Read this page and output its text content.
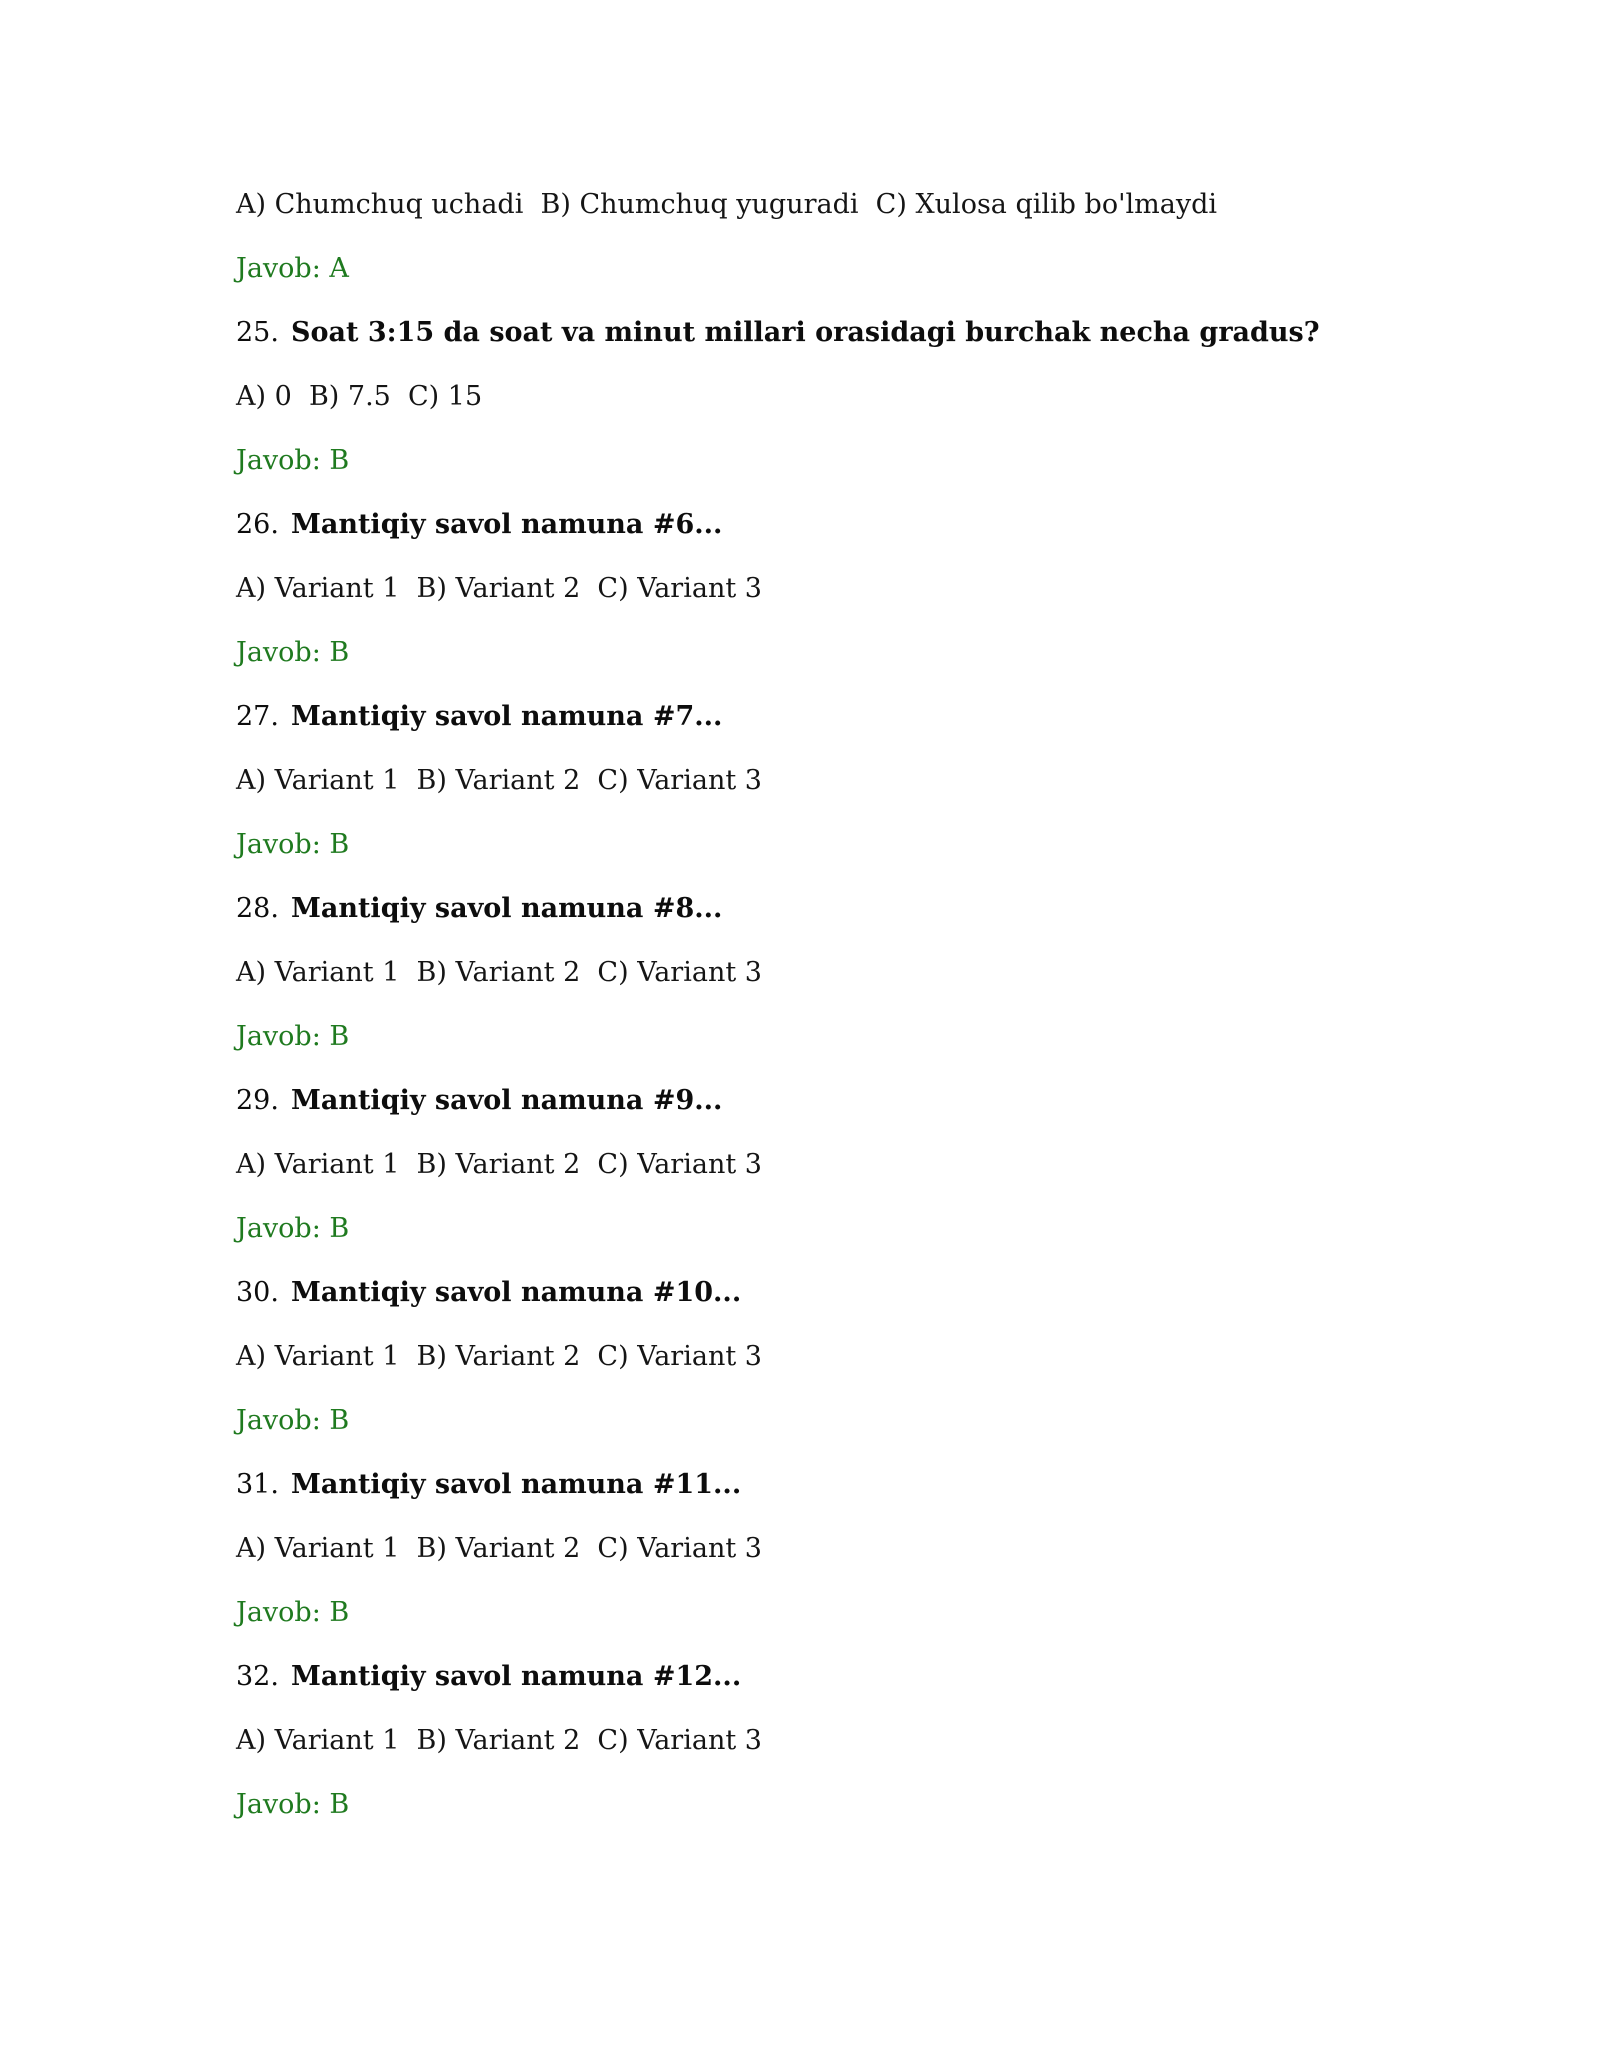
A) Chumchuq uchadi  B) Chumchuq yuguradi  C) Xulosa qilib bo'lmaydi
Javob: A
25. Soat 3:15 da soat va minut millari orasidagi burchak necha gradus?
A) 0  B) 7.5  C) 15
Javob: B
26. Mantiqiy savol namuna #6...
A) Variant 1  B) Variant 2  C) Variant 3
Javob: B
27. Mantiqiy savol namuna #7...
A) Variant 1  B) Variant 2  C) Variant 3
Javob: B
28. Mantiqiy savol namuna #8...
A) Variant 1  B) Variant 2  C) Variant 3
Javob: B
29. Mantiqiy savol namuna #9...
A) Variant 1  B) Variant 2  C) Variant 3
Javob: B
30. Mantiqiy savol namuna #10...
A) Variant 1  B) Variant 2  C) Variant 3
Javob: B
31. Mantiqiy savol namuna #11...
A) Variant 1  B) Variant 2  C) Variant 3
Javob: B
32. Mantiqiy savol namuna #12...
A) Variant 1  B) Variant 2  C) Variant 3
Javob: B
